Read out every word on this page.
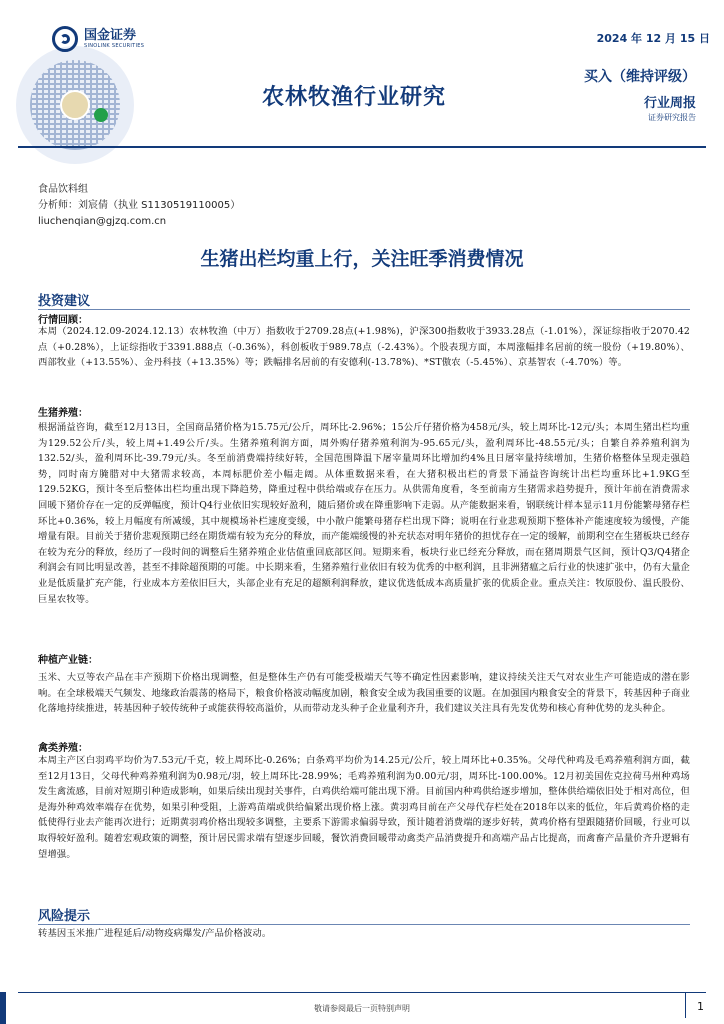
国金证券
SINOLINK SECURITIES
2024 年 12 月 15 日
农林牧渔行业研究
买入（维持评级）
行业周报
证券研究报告
食品饮料组
分析师：刘宸倩（执业 S1130519110005）
liuchenqian@gjzq.com.cn
生猪出栏均重上行，关注旺季消费情况
投资建议
行情回顾：
本周（2024.12.09-2024.12.13）农林牧渔（中万）指数收于2709.28点(+1.98%)，沪深300指数收于3933.28点（-1.01%），深证综指收于2070.42点（+0.28%），上证综指收于3391.888点（-0.36%），科创板收于989.78点（-2.43%）。个股表现方面，本周涨幅排名居前的统一股份（+19.80%）、西部牧业（+13.55%）、金丹科技（+13.35%）等；跌幅排名居前的有安德利(-13.78%)、*ST傲农（-5.45%）、京基智农（-4.70%）等。
生猪养殖：
根据涌益咨询，截至12月13日，全国商品猪价格为15.75元/公斤，周环比-2.96%；15公斤仔猪价格为458元/头，较上周环比-12元/头；本周生猪出栏均重为129.52公斤/头，较上周+1.49公斤/头。生猪养殖利润方面，周外购仔猪养殖利润为-95.65元/头，盈利周环比-48.55元/头；自繁自养养殖利润为132.52/头，盈利周环比-39.79元/头。冬至前消费端持续好转，全国范围降温下屠宰量周环比增加约4%且日屠宰量持续增加，生猪价格整体呈现走强趋势，同时南方腌腊对中大猪需求较高，本周标肥价差小幅走阔。从体重数据来看，在大猪积极出栏的背景下涌益咨询统计出栏均重环比+1.9KG至129.52KG，预计冬至后整体出栏均重出现下降趋势，降重过程中供给端或存在压力。从供需角度看，冬至前南方生猪需求趋势提升，预计年前在消费需求回暖下猪价存在一定的反弹幅度，预计Q4行业依旧实现较好盈利，随后猪价或在降重影响下走弱。从产能数据来看，钢联统计样本显示11月份能繁母猪存栏环比+0.36%，较上月幅度有所减缓，其中规模场补栏速度变缓，中小散户能繁母猪存栏出现下降；说明在行业悲观预期下整体补产能速度较为缓慢，产能增量有限。目前关于猪价悲观预期已经在期货端有较为充分的释放，而产能端缓慢的补充状态对明年猪价的担忧存在一定的缓解，前期利空在生猪板块已经存在较为充分的释放，经历了一段时间的调整后生猪养殖企业估值重回底部区间。短期来看，板块行业已经充分释放，而在猪周期景气区间，预计Q3/Q4猪企利润会有同比明显改善，甚至不排除超预期的可能。中长期来看，生猪养殖行业依旧有较为优秀的中枢利润，且非洲猪瘟之后行业的快速扩张中，仍有大量企业是低质量扩充产能，行业成本方差依旧巨大，头部企业有充足的超额利润释放，建议优选低成本高质量扩张的优质企业。重点关注：牧原股份、温氏股份、巨星农牧等。
种植产业链：
玉米、大豆等农产品在丰产预期下价格出现调整，但是整体生产仍有可能受极端天气等不确定性因素影响，建议持续关注天气对农业生产可能造成的潜在影响。在全球极端天气频发、地缘政治震荡的格局下，粮食价格波动幅度加剧，粮食安全成为我国重要的议题。在加强国内粮食安全的背景下，转基因种子商业化落地持续推进，转基因种子较传统种子或能获得较高溢价，从而带动龙头种子企业量利齐升，我们建议关注具有先发优势和核心育种优势的龙头种企。
禽类养殖：
本周主产区白羽鸡平均价为7.53元/千克，较上周环比-0.26%；白条鸡平均价为14.25元/公斤，较上周环比+0.35%。父母代种鸡及毛鸡养殖利润方面，截至12月13日，父母代种鸡养殖利润为0.98元/羽，较上周环比-28.99%；毛鸡养殖利润为0.00元/羽，周环比-100.00%。12月初美国佐克拉荷马州种鸡场发生禽流感，目前对短期引种造成影响，如果后续出现封关事件，白鸡供给端可能出现下滑。目前国内种鸡供给逐步增加，整体供给端依旧处于相对高位，但是海外种鸡效率端存在优势，如果引种受阻，上游鸡苗端或供给偏紧出现价格上涨。黄羽鸡目前在产父母代存栏处在2018年以来的低位，年后黄鸡价格的走低使得行业去产能再次进行；近期黄羽鸡价格出现较多调整，主要系下游需求偏弱导致，预计随着消费端的逐步好转，黄鸡价格有望跟随猪价回暖，行业可以取得较好盈利。随着宏观政策的调整，预计居民需求端有望逐步回暖，餐饮消费回暖带动禽类产品消费提升和高端产品占比提高，而禽畜产品量价齐升逻辑有望增强。
风险提示
转基因玉米推广进程延后/动物疫病爆发/产品价格波动。
敬请参阅最后一页特别声明	1
